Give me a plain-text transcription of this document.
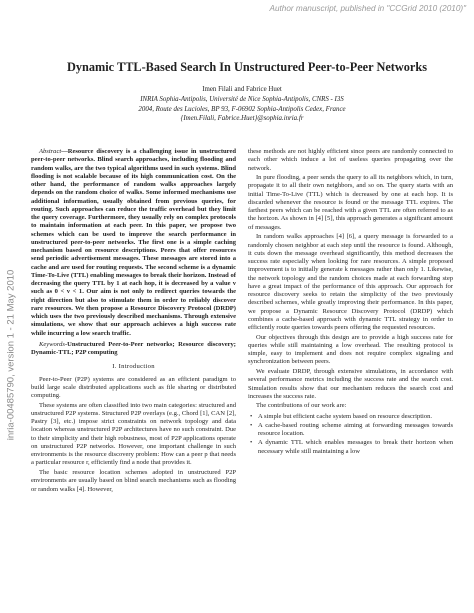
Author manuscript, published in "CCGrid 2010 (2010)"
inria-00485790, version 1 - 21 May 2010
Dynamic TTL-Based Search In Unstructured Peer-to-Peer Networks
Imen Filali and Fabrice Huet
INRIA Sophia-Antipolis, Université de Nice Sophia-Antipolis, CNRS - I3S
2004, Route des Lucioles, BP 93, F-06902 Sophia-Antipolis Cedex, France
{Imen.Filali, Fabrice.Huet}@sophia.inria.fr

Abstract—Resource discovery is a challenging issue in unstructured peer-to-peer networks. Blind search approaches, including flooding and random walks, are the two typical algorithms used in such systems. Blind flooding is not scalable because of its high communication cost. On the other hand, the performance of random walks approaches largely depends on the random choice of walks. Some informed mechanisms use additional information, usually obtained from previous queries, for routing. Such approaches can reduce the traffic overhead but they limit the query coverage. Furthermore, they usually rely on complex protocols to maintain information at each peer. In this paper, we propose two schemes which can be used to improve the search performance in unstructured peer-to-peer networks. The first one is a simple caching mechanism based on resource descriptions. Peers that offer resources send periodic advertisement messages. These messages are stored into a cache and are used for routing requests. The second scheme is a dynamic Time-To-Live (TTL) enabling messages to break their horizon. Instead of decreasing the query TTL by 1 at each hop, it is decreased by a value v such as 0 < v < 1. Our aim is not only to redirect queries towards the right direction but also to stimulate them in order to reliably discover rare resources. We then propose a Resource Discovery Protocol (DRDP) which uses the two previously described mechanisms. Through extensive simulations, we show that our approach achieves a high success rate while incurring a low search traffic.

Keywords-Unstructured Peer-to-Peer networks; Resource discovery; Dynamic-TTL; P2P computing

I. Introduction

Peer-to-Peer (P2P) systems are considered as an efficient paradigm to build large scale distributed applications such as file sharing or distributed computing.

These systems are often classified into two main categories: structured and unstructured P2P systems. Structured P2P overlays (e.g., Chord [1], CAN [2], Pastry [3], etc.) impose strict constraints on network topology and data location whereas unstructured P2P architectures have no such constraint. Due to their simplicity and their high robustness, most of P2P applications operate on unstructured P2P networks. However, one important challenge in such environments is the resource discovery problem: How can a peer p that needs a particular resource r, efficiently find a node that provides it.

The basic resource location schemes adopted in unstructured P2P environments are usually based on blind search mechanisms such as flooding or random walks [4]. However,

these methods are not highly efficient since peers are randomly connected to each other which induce a lot of useless queries propagating over the network.

In pure flooding, a peer sends the query to all its neighbors which, in turn, propagate it to all their own neighbors, and so on. The query starts with an initial Time-To-Live (TTL) which is decreased by one at each hop. It is discarded whenever the resource is found or the message TTL expires. The farthest peers which can be reached with a given TTL are often referred to as the horizon. As shown in [4] [5], this approach generates a significant amount of messages.

In random walks approaches [4] [6], a query message is forwarded to a randomly chosen neighbor at each step until the resource is found. Although, it cuts down the message overhead significantly, this method decreases the success rate especially when looking for rare resources. A simple proposed improvement is to initially generate k messages rather than only 1. Likewise, the network topology and the random choices made at each forwarding step have a great impact of the performance of this approach. Our approach for resource discovery seeks to retain the simplicity of the two previously described schemes, while greatly improving their performance. In this paper, we propose a Dynamic Resource Discovery Protocol (DRDP) which combines a cache-based approach with dynamic TTL strategy in order to efficiently route queries towards peers offering the requested resources.

Our objectives through this design are to provide a high success rate for queries while still maintaining a low overhead. The resulting protocol is simple, easy to implement and does not require complex signaling and synchronization between peers.

We evaluate DRDP, through extensive simulations, in accordance with several performance metrics including the success rate and the search cost. Simulation results show that our mechanism reduces the search cost and increases the success rate.

The contributions of our work are:

• A simple but efficient cache system based on resource description.
• A cache-based routing scheme aiming at forwarding messages towards resource location.
• A dynamic TTL which enables messages to break their horizon when necessary while still maintaining a low
